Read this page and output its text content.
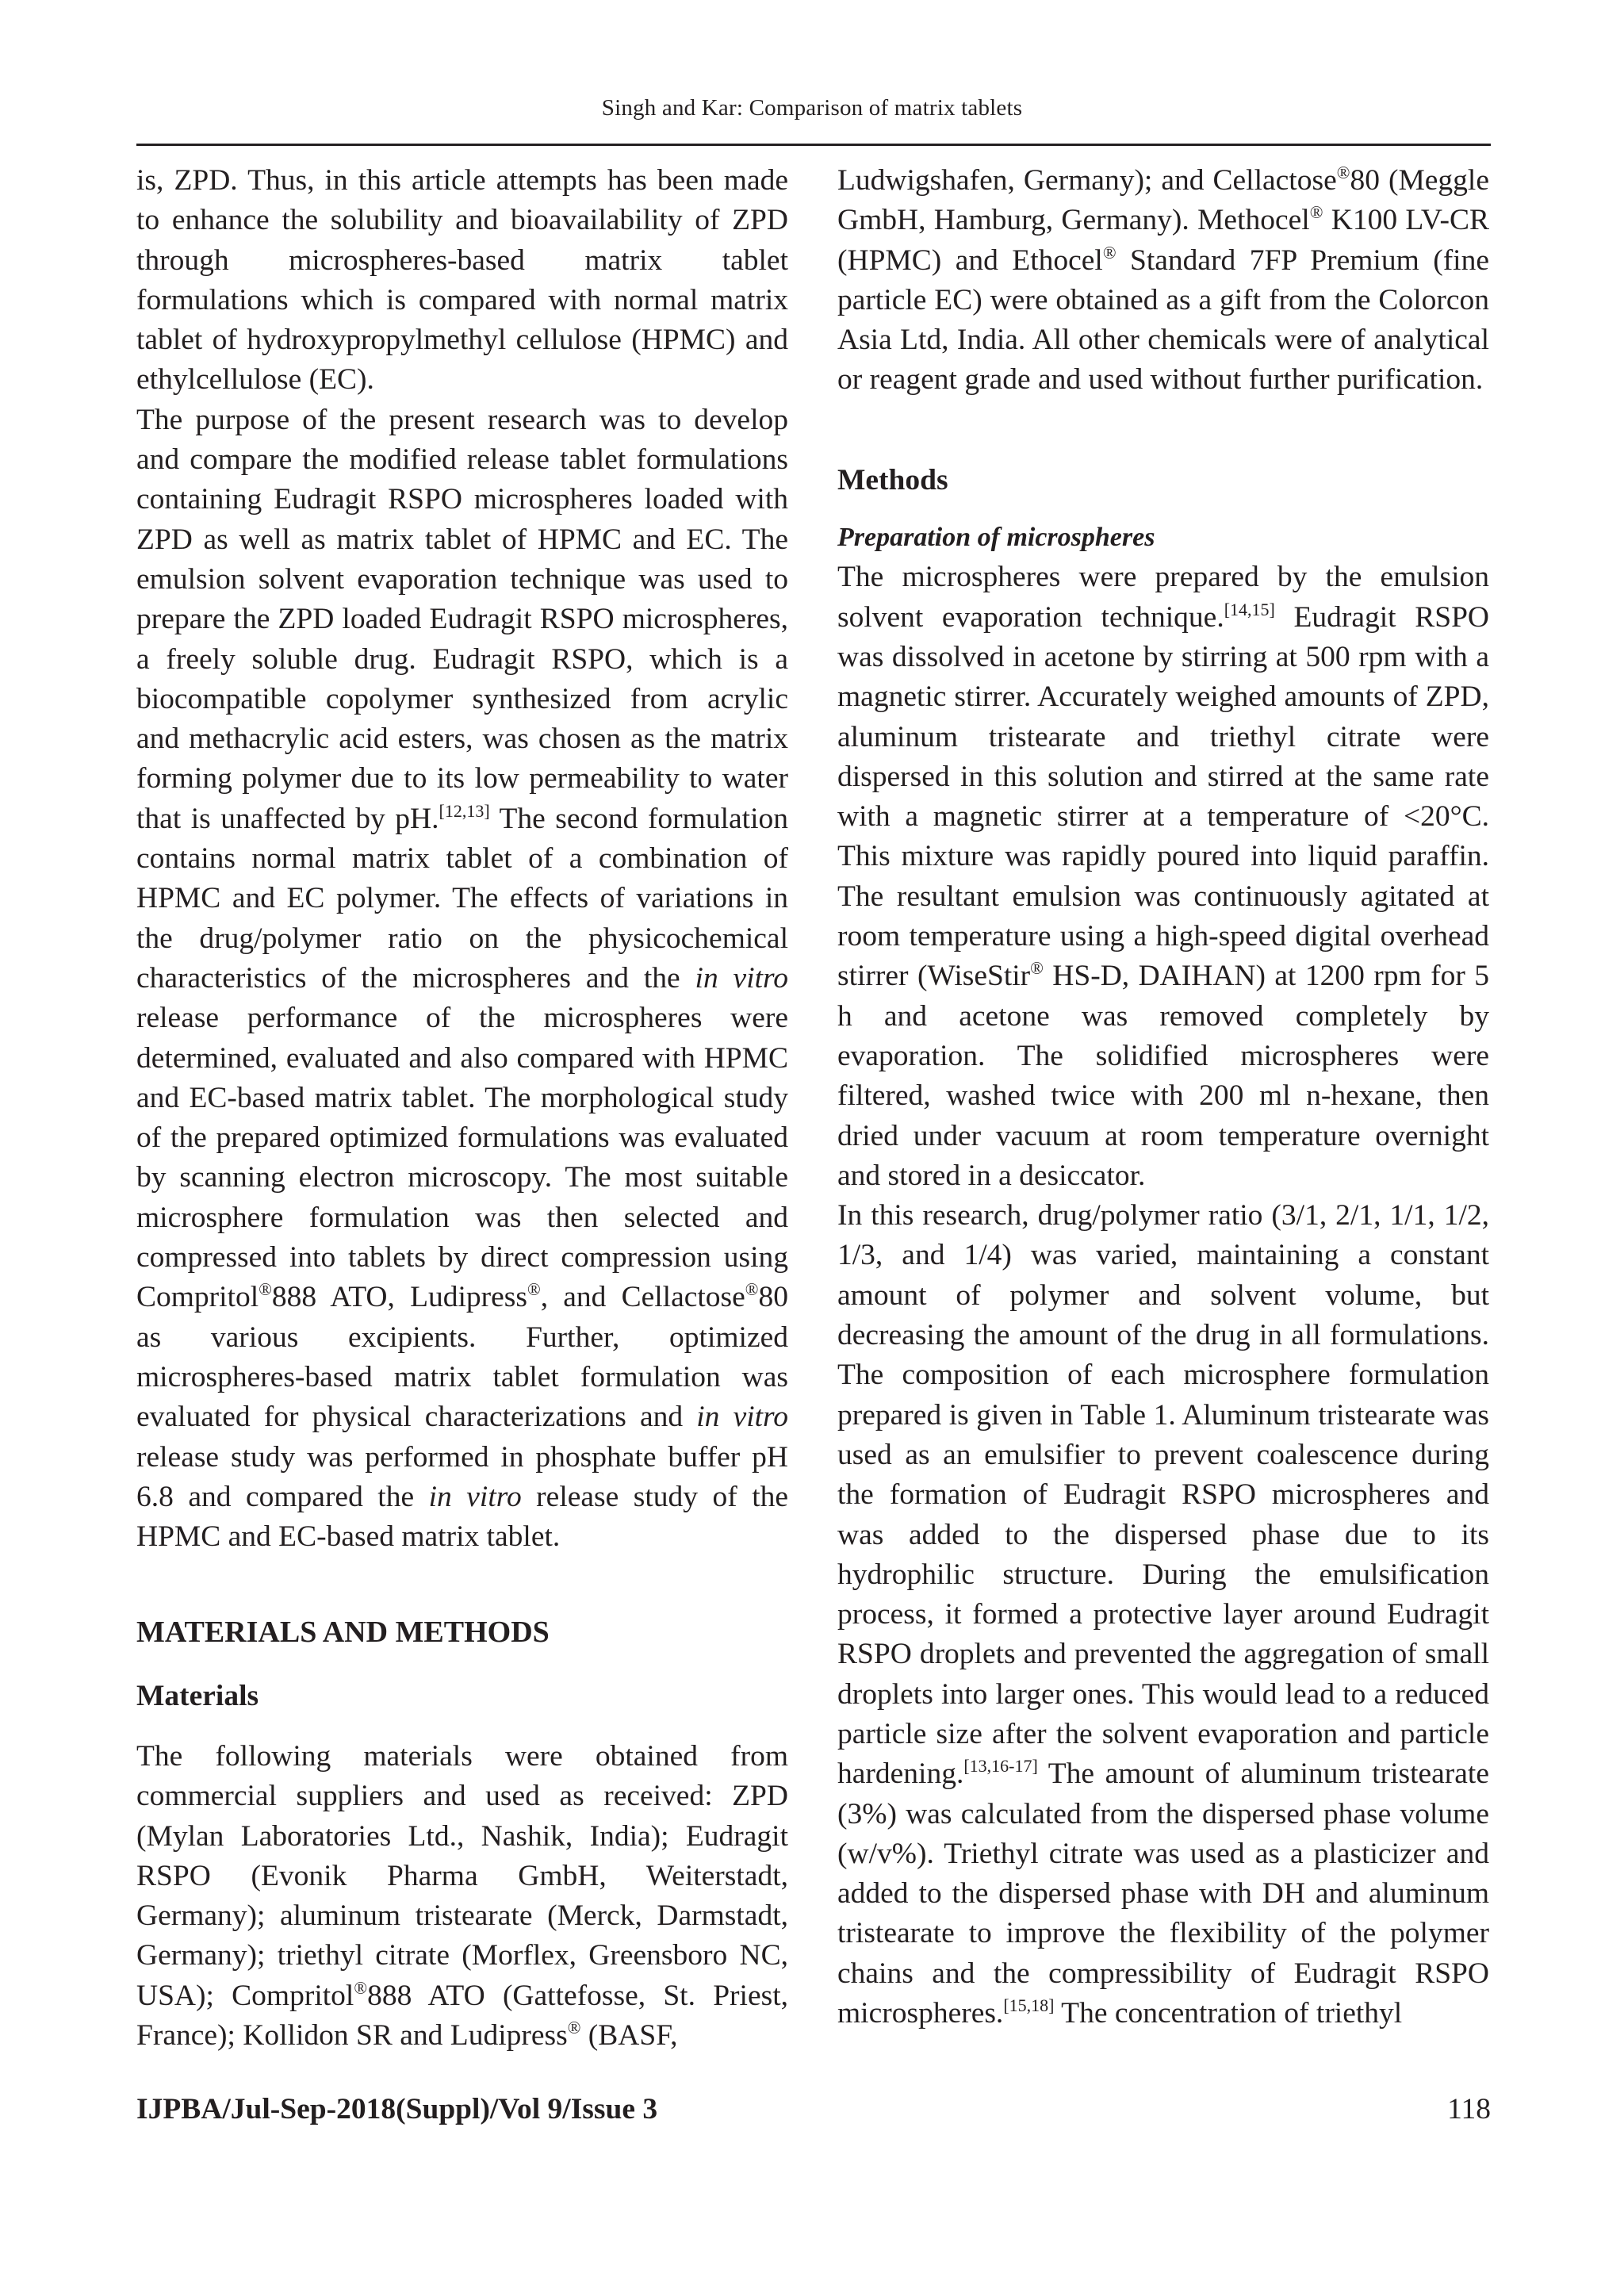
Singh and Kar: Comparison of matrix tablets

is, ZPD. Thus, in this article attempts has been made to enhance the solubility and bioavailability of ZPD through microspheres-based matrix tablet formulations which is compared with normal matrix tablet of hydroxypropylmethyl cellulose (HPMC) and ethylcellulose (EC).

The purpose of the present research was to develop and compare the modified release tablet formulations containing Eudragit RSPO microspheres loaded with ZPD as well as matrix tablet of HPMC and EC. The emulsion solvent evaporation technique was used to prepare the ZPD loaded Eudragit RSPO microspheres, a freely soluble drug. Eudragit RSPO, which is a biocompatible copolymer synthesized from acrylic and methacrylic acid esters, was chosen as the matrix forming polymer due to its low permeability to water that is unaffected by pH.[12,13] The second formulation contains normal matrix tablet of a combination of HPMC and EC polymer. The effects of variations in the drug/polymer ratio on the physicochemical characteristics of the microspheres and the in vitro release performance of the microspheres were determined, evaluated and also compared with HPMC and EC-based matrix tablet. The morphological study of the prepared optimized formulations was evaluated by scanning electron microscopy. The most suitable microsphere formulation was then selected and compressed into tablets by direct compression using Compritol®888 ATO, Ludipress®, and Cellactose®80 as various excipients. Further, optimized microspheres-based matrix tablet formulation was evaluated for physical characterizations and in vitro release study was performed in phosphate buffer pH 6.8 and compared the in vitro release study of the HPMC and EC-based matrix tablet.

MATERIALS AND METHODS
Materials

The following materials were obtained from commercial suppliers and used as received: ZPD (Mylan Laboratories Ltd., Nashik, India); Eudragit RSPO (Evonik Pharma GmbH, Weiterstadt, Germany); aluminum tristearate (Merck, Darmstadt, Germany); triethyl citrate (Morflex, Greensboro NC, USA); Compritol®888 ATO (Gattefosse, St. Priest, France); Kollidon SR and Ludipress® (BASF,

Ludwigshafen, Germany); and Cellactose®80 (Meggle GmbH, Hamburg, Germany). Methocel® K100 LV-CR (HPMC) and Ethocel® Standard 7FP Premium (fine particle EC) were obtained as a gift from the Colorcon Asia Ltd, India. All other chemicals were of analytical or reagent grade and used without further purification.

Methods
Preparation of microspheres

The microspheres were prepared by the emulsion solvent evaporation technique.[14,15] Eudragit RSPO was dissolved in acetone by stirring at 500 rpm with a magnetic stirrer. Accurately weighed amounts of ZPD, aluminum tristearate and triethyl citrate were dispersed in this solution and stirred at the same rate with a magnetic stirrer at a temperature of <20°C. This mixture was rapidly poured into liquid paraffin. The resultant emulsion was continuously agitated at room temperature using a high-speed digital overhead stirrer (WiseStir® HS-D, DAIHAN) at 1200 rpm for 5 h and acetone was removed completely by evaporation. The solidified microspheres were filtered, washed twice with 200 ml n-hexane, then dried under vacuum at room temperature overnight and stored in a desiccator.

In this research, drug/polymer ratio (3/1, 2/1, 1/1, 1/2, 1/3, and 1/4) was varied, maintaining a constant amount of polymer and solvent volume, but decreasing the amount of the drug in all formulations. The composition of each microsphere formulation prepared is given in Table 1. Aluminum tristearate was used as an emulsifier to prevent coalescence during the formation of Eudragit RSPO microspheres and was added to the dispersed phase due to its hydrophilic structure. During the emulsification process, it formed a protective layer around Eudragit RSPO droplets and prevented the aggregation of small droplets into larger ones. This would lead to a reduced particle size after the solvent evaporation and particle hardening.[13,16-17] The amount of aluminum tristearate (3%) was calculated from the dispersed phase volume (w/v%). Triethyl citrate was used as a plasticizer and added to the dispersed phase with DH and aluminum tristearate to improve the flexibility of the polymer chains and the compressibility of Eudragit RSPO microspheres.[15,18] The concentration of triethyl

IJPBA/Jul-Sep-2018(Suppl)/Vol 9/Issue 3	118
